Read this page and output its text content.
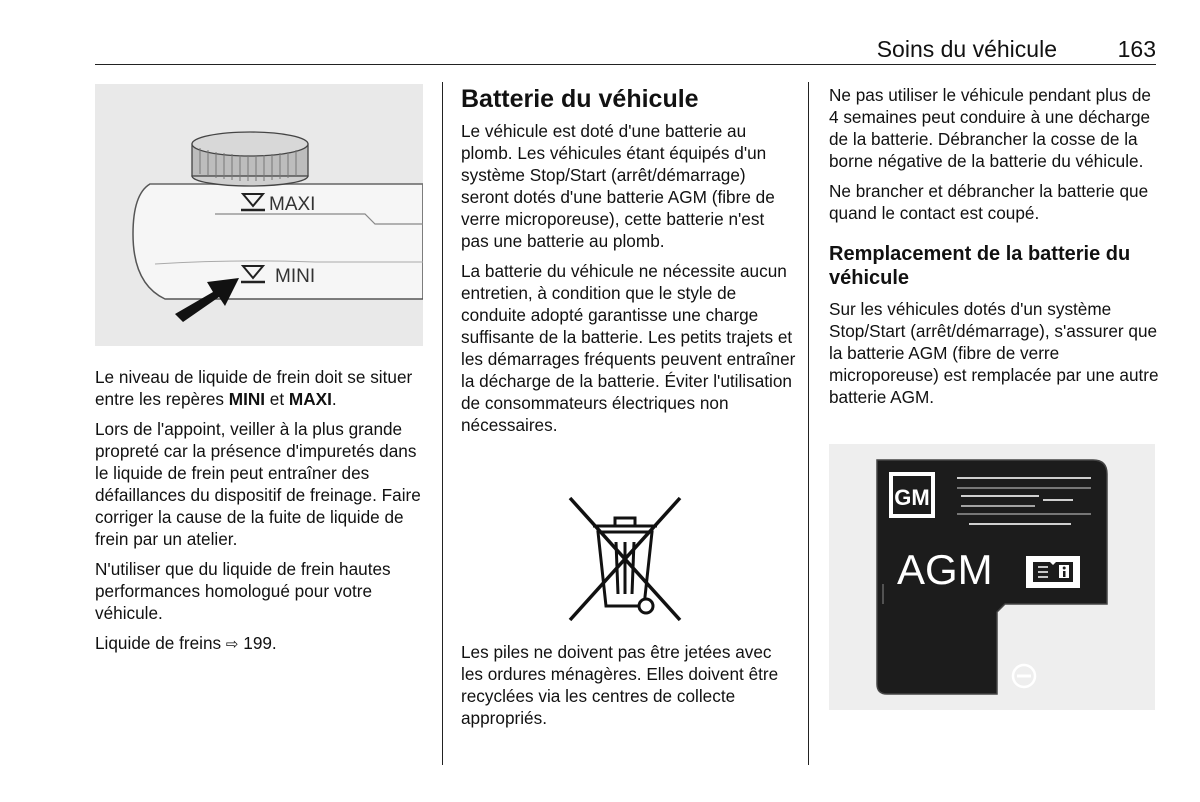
Soins du véhicule	163
MAXI
MINI

Le niveau de liquide de frein doit se situer entre les repères MINI et MAXI.

Lors de l'appoint, veiller à la plus grande propreté car la présence d'impuretés dans le liquide de frein peut entraîner des défaillances du dispositif de freinage. Faire corriger la cause de la fuite de liquide de frein par un atelier.

N'utiliser que du liquide de frein hautes performances homologué pour votre véhicule.

Liquide de freins ⇨ 199.

Batterie du véhicule

Le véhicule est doté d'une batterie au plomb. Les véhicules étant équipés d'un système Stop/Start (arrêt/démarrage) seront dotés d'une batterie AGM (fibre de verre microporeuse), cette batterie n'est pas une batterie au plomb.

La batterie du véhicule ne nécessite aucun entretien, à condition que le style de conduite adopté garantisse une charge suffisante de la batterie. Les petits trajets et les démarrages fréquents peuvent entraîner la décharge de la batterie. Éviter l'utilisation de consommateurs électriques non nécessaires.

Les piles ne doivent pas être jetées avec les ordures ménagères. Elles doivent être recyclées via les centres de collecte appropriés.

Ne pas utiliser le véhicule pendant plus de 4 semaines peut conduire à une décharge de la batterie. Débrancher la cosse de la borne négative de la batterie du véhicule.

Ne brancher et débrancher la batterie que quand le contact est coupé.

Remplacement de la batterie du véhicule

Sur les véhicules dotés d'un système Stop/Start (arrêt/démarrage), s'assurer que la batterie AGM (fibre de verre microporeuse) est remplacée par une autre batterie AGM.

GM
AGM
